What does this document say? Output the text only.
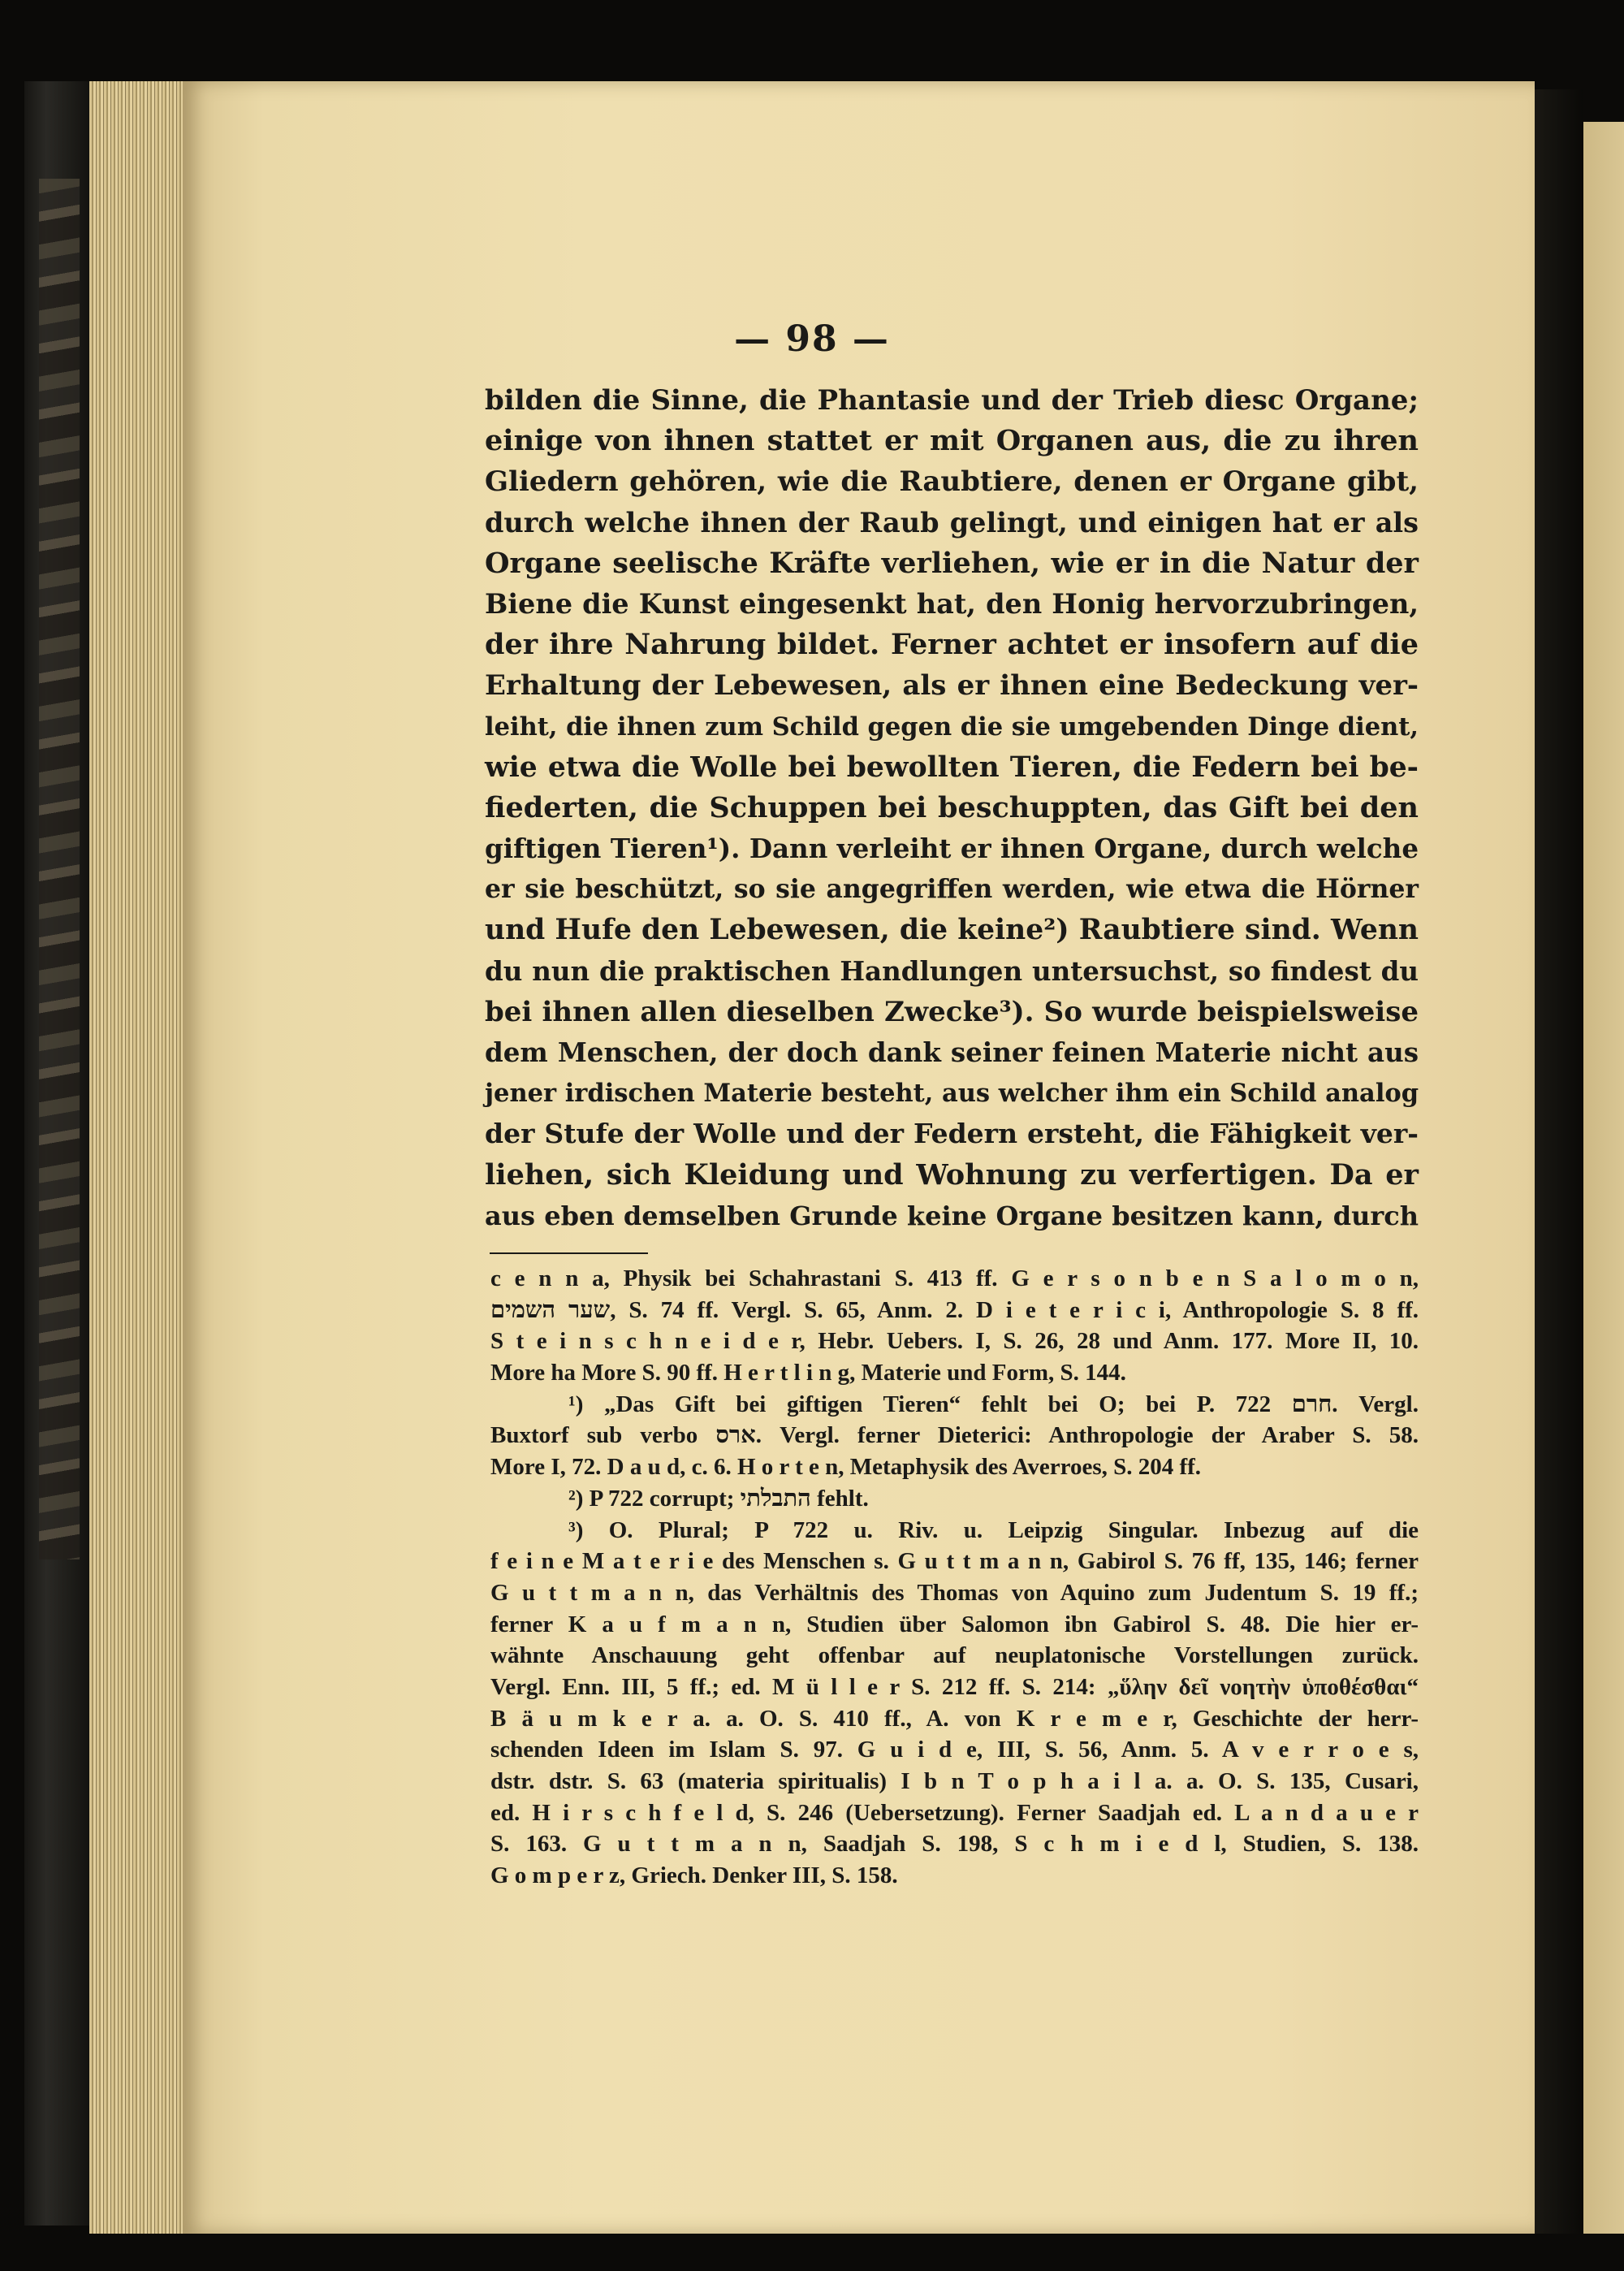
— 98 —
bilden die Sinne, die Phantasie und der Trieb diesc Organe;
einige von ihnen stattet er mit Organen aus, die zu ihren
Gliedern gehören, wie die Raubtiere, denen er Organe gibt,
durch welche ihnen der Raub gelingt, und einigen hat er als
Organe seelische Kräfte verliehen, wie er in die Natur der
Biene die Kunst eingesenkt hat, den Honig hervorzubringen,
der ihre Nahrung bildet. Ferner achtet er insofern auf die
Erhaltung der Lebewesen, als er ihnen eine Bedeckung ver-
leiht, die ihnen zum Schild gegen die sie umgebenden Dinge dient,
wie etwa die Wolle bei bewollten Tieren, die Federn bei be-
fiederten, die Schuppen bei beschuppten, das Gift bei den
giftigen Tieren¹). Dann verleiht er ihnen Organe, durch welche
er sie beschützt, so sie angegriffen werden, wie etwa die Hörner
und Hufe den Lebewesen, die keine²) Raubtiere sind. Wenn
du nun die praktischen Handlungen untersuchst, so findest du
bei ihnen allen dieselben Zwecke³). So wurde beispielsweise
dem Menschen, der doch dank seiner feinen Materie nicht aus
jener irdischen Materie besteht, aus welcher ihm ein Schild analog
der Stufe der Wolle und der Federn ersteht, die Fähigkeit ver-
liehen, sich Kleidung und Wohnung zu verfertigen. Da er
aus eben demselben Grunde keine Organe besitzen kann, durch
c e n n a, Physik bei Schahrastani S. 413 ff. G e r s o n b e n S a l o m o n,
שער השמים, S. 74 ff. Vergl. S. 65, Anm. 2. D i e t e r i c i, Anthropologie S. 8 ff.
S t e i n s c h n e i d e r, Hebr. Uebers. I, S. 26, 28 und Anm. 177. More II, 10.
More ha More S. 90 ff. H e r t l i n g, Materie und Form, S. 144.
¹) „Das Gift bei giftigen Tieren“ fehlt bei O; bei P. 722 חרם. Vergl.
Buxtorf sub verbo ארס. Vergl. ferner Dieterici: Anthropologie der Araber S. 58.
More I, 72. D a u d, c. 6. H o r t e n, Metaphysik des Averroes, S. 204 ff.
²) P 722 corrupt; התבלתי fehlt.
³) O. Plural; P 722 u. Riv. u. Leipzig Singular. Inbezug auf die
f e i n e M a t e r i e des Menschen s. G u t t m a n n, Gabirol S. 76 ff, 135, 146; ferner
G u t t m a n n, das Verhältnis des Thomas von Aquino zum Judentum S. 19 ff.;
ferner K a u f m a n n, Studien über Salomon ibn Gabirol S. 48. Die hier er-
wähnte Anschauung geht offenbar auf neuplatonische Vorstellungen zurück.
Vergl. Enn. III, 5 ff.; ed. M ü l l e r S. 212 ff. S. 214: „ὕλην δεῖ νοητὴν ὑποθέσθαι“
B ä u m k e r a. a. O. S. 410 ff., A. von K r e m e r, Geschichte der herr-
schenden Ideen im Islam S. 97. G u i d e, III, S. 56, Anm. 5. A v e r r o e s,
dstr. dstr. S. 63 (materia spiritualis) I b n T o p h a i l a. a. O. S. 135, Cusari,
ed. H i r s c h f e l d, S. 246 (Uebersetzung). Ferner Saadjah ed. L a n d a u e r
S. 163. G u t t m a n n, Saadjah S. 198, S c h m i e d l, Studien, S. 138.
G o m p e r z, Griech. Denker III, S. 158.
